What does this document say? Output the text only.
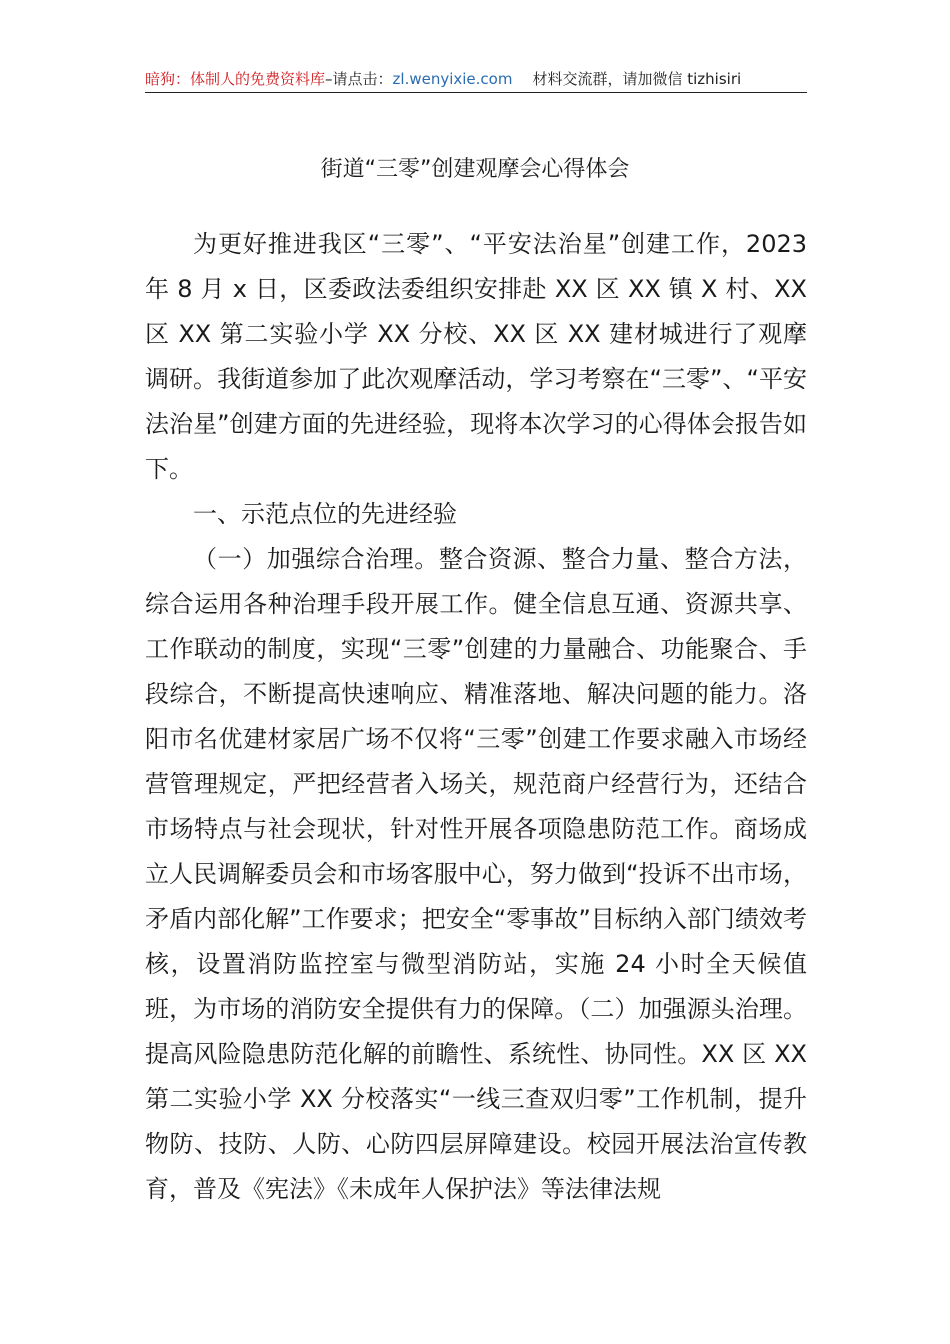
暗狗：体制人的免费资料库–请点击：zl.wenyixie.com 材料交流群，请加微信 tizhisiri
街道“三零”创建观摩会心得体会

为更好推进我区“三零”、“平安法治星”创建工作，2023 年 8 月 x 日，区委政法委组织安排赴 XX 区 XX 镇 X 村、XX 区 XX 第二实验小学 XX 分校、XX 区 XX 建材城进行了观摩调研。我街道参加了此次观摩活动，学习考察在“三零”、“平安法治星”创建方面的先进经验，现将本次学习的心得体会报告如下。

一、示范点位的先进经验

（一）加强综合治理。整合资源、整合力量、整合方法，综合运用各种治理手段开展工作。健全信息互通、资源共享、工作联动的制度，实现“三零”创建的力量融合、功能聚合、手段综合，不断提高快速响应、精准落地、解决问题的能力。洛阳市名优建材家居广场不仅将“三零”创建工作要求融入市场经营管理规定，严把经营者入场关，规范商户经营行为，还结合市场特点与社会现状，针对性开展各项隐患防范工作。商场成立人民调解委员会和市场客服中心，努力做到“投诉不出市场，矛盾内部化解”工作要求；把安全“零事故”目标纳入部门绩效考核，设置消防监控室与微型消防站，实施 24 小时全天候值班，为市场的消防安全提供有力的保障。（二）加强源头治理。提高风险隐患防范化解的前瞻性、系统性、协同性。XX 区 XX 第二实验小学 XX 分校落实“一线三查双归零”工作机制，提升物防、技防、人防、心防四层屏障建设。校园开展法治宣传教育，普及《宪法》《未成年人保护法》等法律法规
